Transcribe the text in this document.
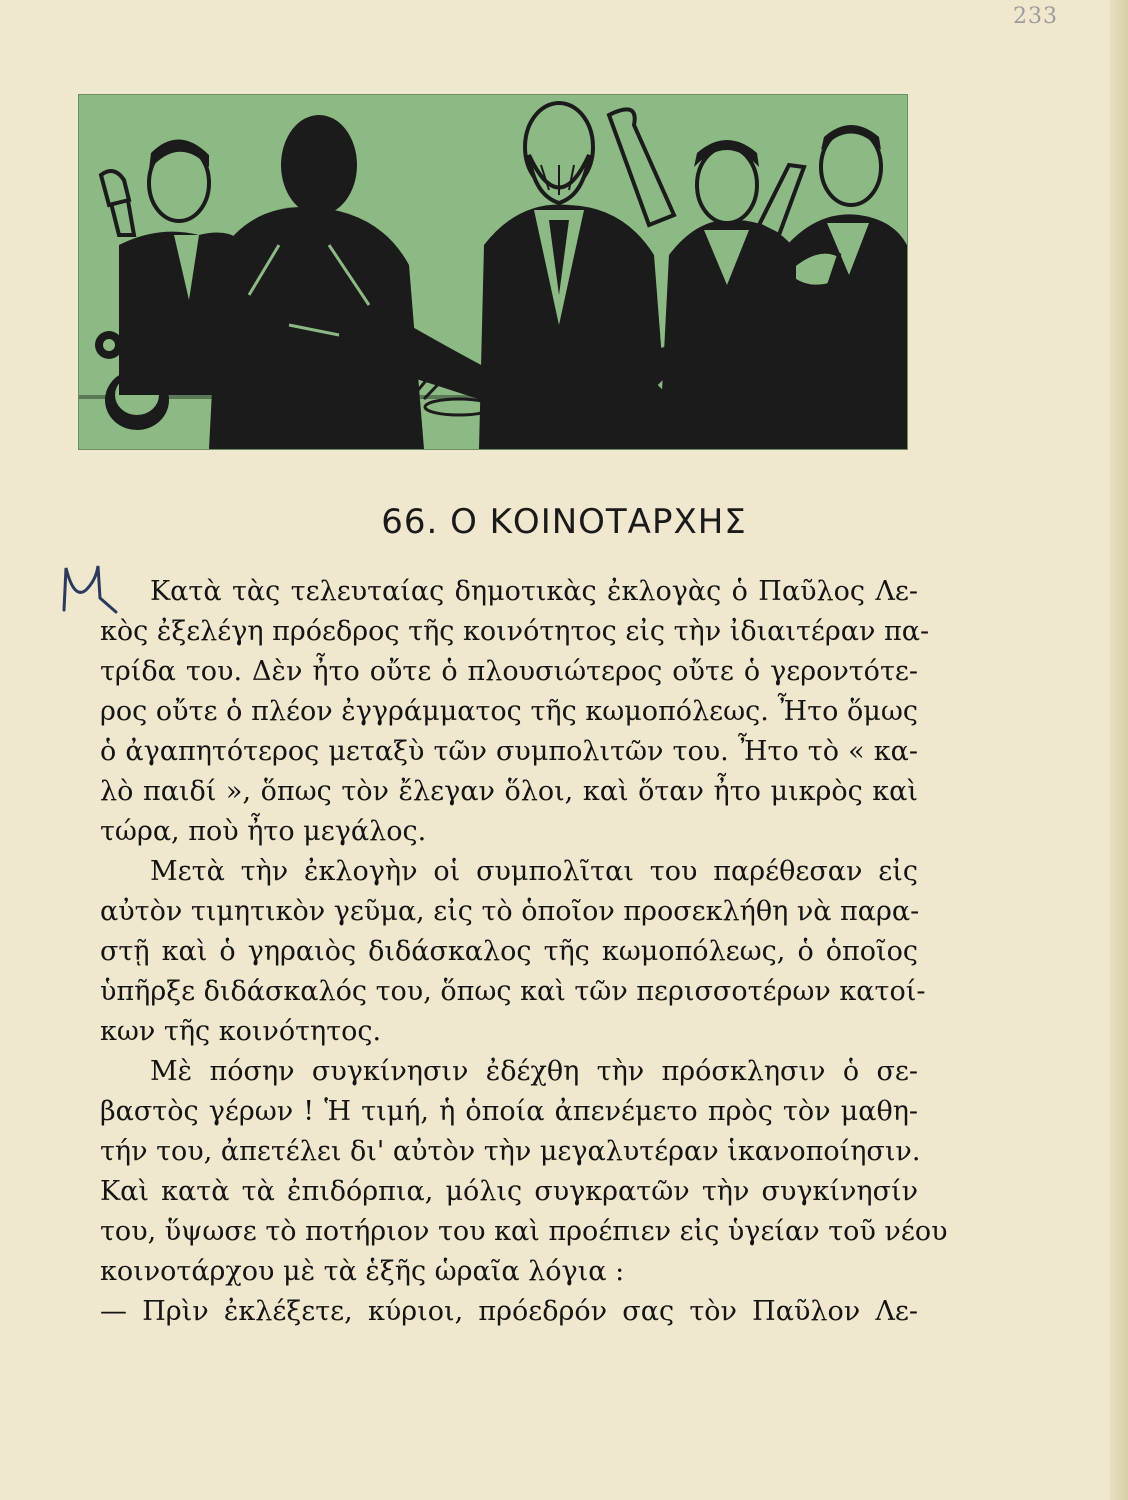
233
66. Ο ΚΟΙΝΟΤΑΡΧΗΣ
Κατὰ τὰς τελευταίας δημοτικὰς ἐκλογὰς ὁ Παῦλος Λε-
κὸς ἐξελέγη πρόεδρος τῆς κοινότητος εἰς τὴν ἰδιαιτέραν πα-
τρίδα του. Δὲν ἦτο οὔτε ὁ πλουσιώτερος οὔτε ὁ γεροντότε-
ρος οὔτε ὁ πλέον ἐγγράμματος τῆς κωμοπόλεως. Ἦτο ὅμως
ὁ ἀγαπητότερος μεταξὺ τῶν συμπολιτῶν του. Ἦτο τὸ « κα-
λὸ παιδί », ὅπως τὸν ἔλεγαν ὅλοι, καὶ ὅταν ἦτο μικρὸς καὶ
τώρα, ποὺ ἦτο μεγάλος.
Μετὰ τὴν ἐκλογὴν οἱ συμπολῖται του παρέθεσαν εἰς
αὐτὸν τιμητικὸν γεῦμα, εἰς τὸ ὁποῖον προσεκλήθη νὰ παρα-
στῇ καὶ ὁ γηραιὸς διδάσκαλος τῆς κωμοπόλεως, ὁ ὁποῖος
ὑπῆρξε διδάσκαλός του, ὅπως καὶ τῶν περισσοτέρων κατοί-
κων τῆς κοινότητος.
Μὲ πόσην συγκίνησιν ἐδέχθη τὴν πρόσκλησιν ὁ σε-
βαστὸς γέρων ! Ἡ τιμή, ἡ ὁποία ἀπενέμετο πρὸς τὸν μαθη-
τήν του, ἀπετέλει δι' αὐτὸν τὴν μεγαλυτέραν ἱκανοποίησιν.
Καὶ κατὰ τὰ ἐπιδόρπια, μόλις συγκρατῶν τὴν συγκίνησίν
του, ὕψωσε τὸ ποτήριον του καὶ προέπιεν εἰς ὑγείαν τοῦ νέου
κοινοτάρχου μὲ τὰ ἑξῆς ὡραῖα λόγια :
— Πρὶν ἐκλέξετε, κύριοι, πρόεδρόν σας τὸν Παῦλον Λε-
